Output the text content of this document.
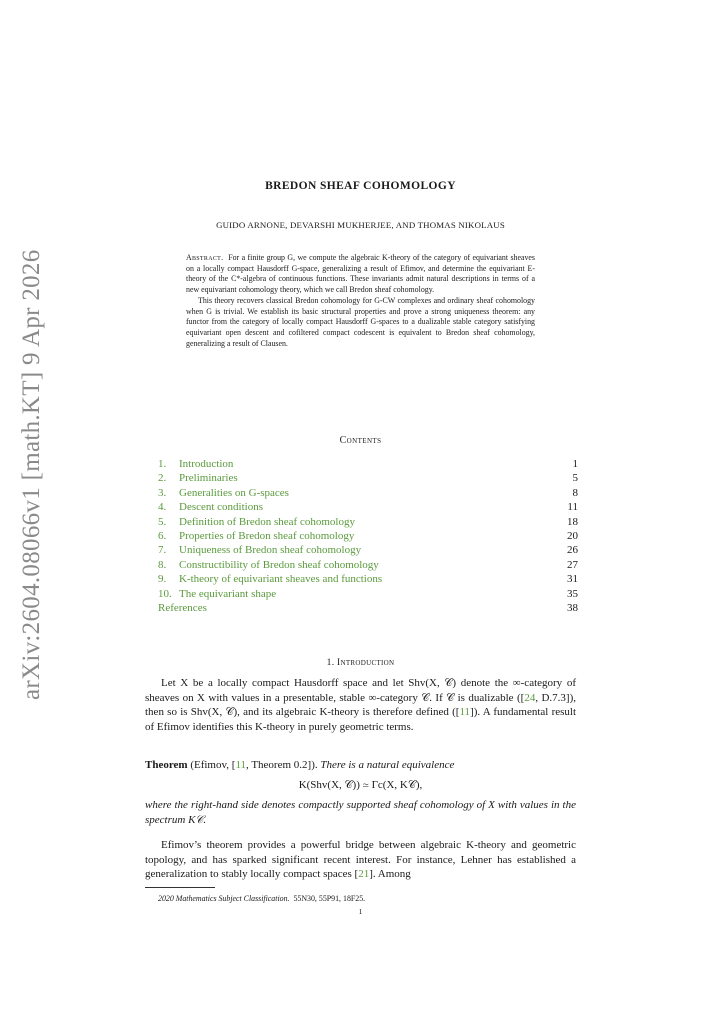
arXiv:2604.08066v1 [math.KT] 9 Apr 2026
BREDON SHEAF COHOMOLOGY
GUIDO ARNONE, DEVARSHI MUKHERJEE, AND THOMAS NIKOLAUS

Abstract. For a finite group G, we compute the algebraic K-theory of the category of equivariant sheaves on a locally compact Hausdorff G-space, generalizing a result of Efimov, and determine the equivariant E-theory of the C*-algebra of continuous functions. These invariants admit natural descriptions in terms of a new equivariant cohomology theory, which we call Bredon sheaf cohomology.

This theory recovers classical Bredon cohomology for G-CW complexes and ordinary sheaf cohomology when G is trivial. We establish its basic structural properties and prove a strong uniqueness theorem: any functor from the category of locally compact Hausdorff G-spaces to a dualizable stable category satisfying equivariant open descent and cofiltered compact codescent is equivalent to Bredon sheaf cohomology, generalizing a result of Clausen.

Contents
1. Introduction	1
2. Preliminaries	5
3. Generalities on G-spaces	8
4. Descent conditions	11
5. Definition of Bredon sheaf cohomology	18
6. Properties of Bredon sheaf cohomology	20
7. Uniqueness of Bredon sheaf cohomology	26
8. Constructibility of Bredon sheaf cohomology	27
9. K-theory of equivariant sheaves and functions	31
10. The equivariant shape	35
References	38
1. Introduction

Let X be a locally compact Hausdorff space and let Shv(X, 𝒞) denote the ∞-category of sheaves on X with values in a presentable, stable ∞-category 𝒞. If 𝒞 is dualizable ([24, D.7.3]), then so is Shv(X, 𝒞), and its algebraic K-theory is therefore defined ([11]). A fundamental result of Efimov identifies this K-theory in purely geometric terms.

Theorem (Efimov, [11, Theorem 0.2]). There is a natural equivalence

K(Shv(X, 𝒞)) ≃ Γc(X, K𝒞),

where the right-hand side denotes compactly supported sheaf cohomology of X with values in the spectrum K𝒞.

Efimov’s theorem provides a powerful bridge between algebraic K-theory and geometric topology, and has sparked significant recent interest. For instance, Lehner has established a generalization to stably locally compact spaces [21]. Among

2020 Mathematics Subject Classification. 55N30, 55P91, 18F25.
1
